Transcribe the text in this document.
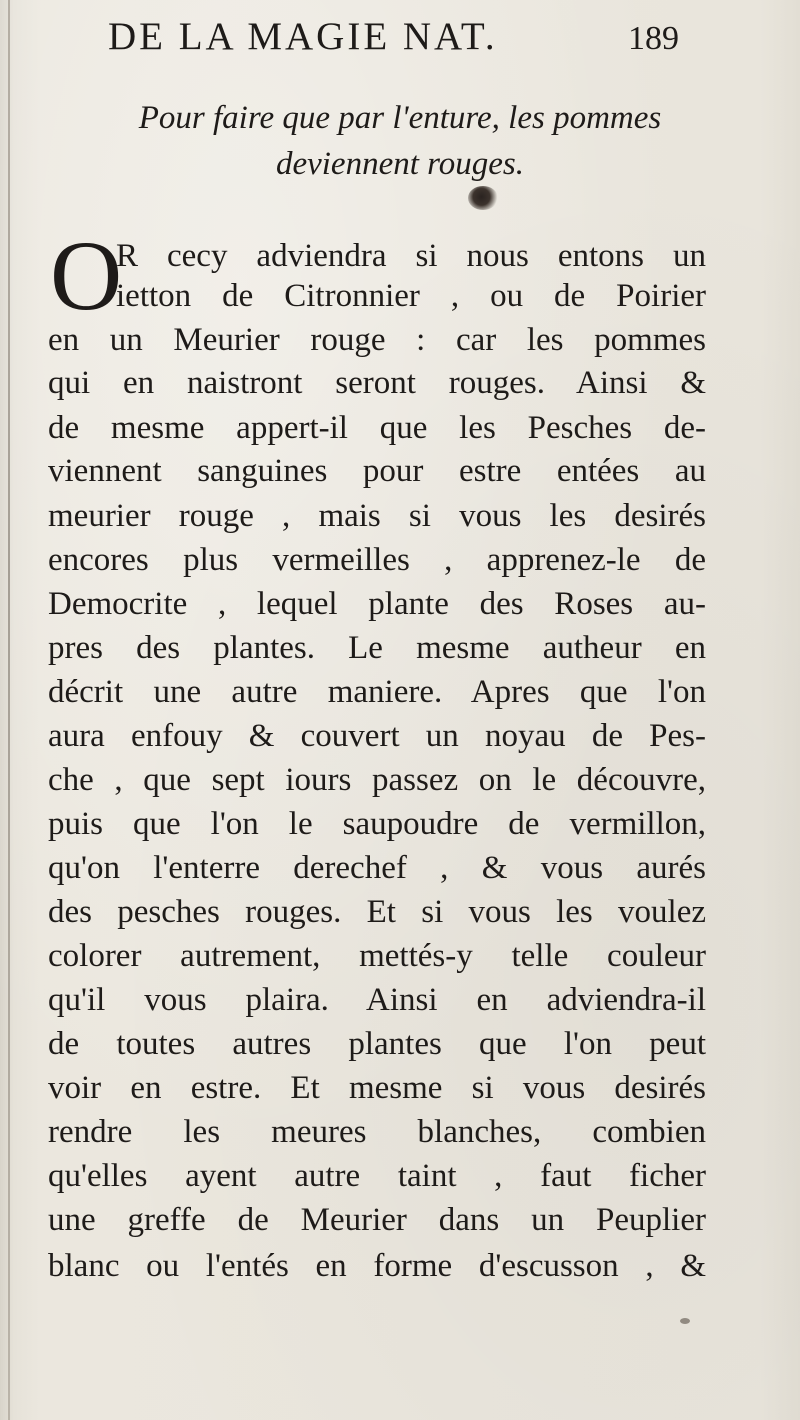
DE LA MAGIE NAT.	189
Pour faire que par l'enture, les pommes
deviennent rouges.
O
R cecy adviendra si nous entons un
ietton de Citronnier , ou de Poirier
en un Meurier rouge : car les pommes
qui en naistront seront rouges. Ainsi &
de mesme appert-il que les Pesches de-
viennent sanguines pour estre entées au
meurier rouge , mais si vous les desirés
encores plus vermeilles , apprenez-le de
Democrite , lequel plante des Roses au-
pres des plantes. Le mesme autheur en
décrit une autre maniere. Apres que l'on
aura enfouy & couvert un noyau de Pes-
che , que sept iours passez on le découvre,
puis que l'on le saupoudre de vermillon,
qu'on l'enterre derechef , & vous aurés
des pesches rouges. Et si vous les voulez
colorer autrement, mettés-y telle couleur
qu'il vous plaira. Ainsi en adviendra-il
de toutes autres plantes que l'on peut
voir en estre. Et mesme si vous desirés
rendre les meures blanches, combien
qu'elles ayent autre taint , faut ficher
une greffe de Meurier dans un Peuplier
blanc ou l'entés en forme d'escusson , &
